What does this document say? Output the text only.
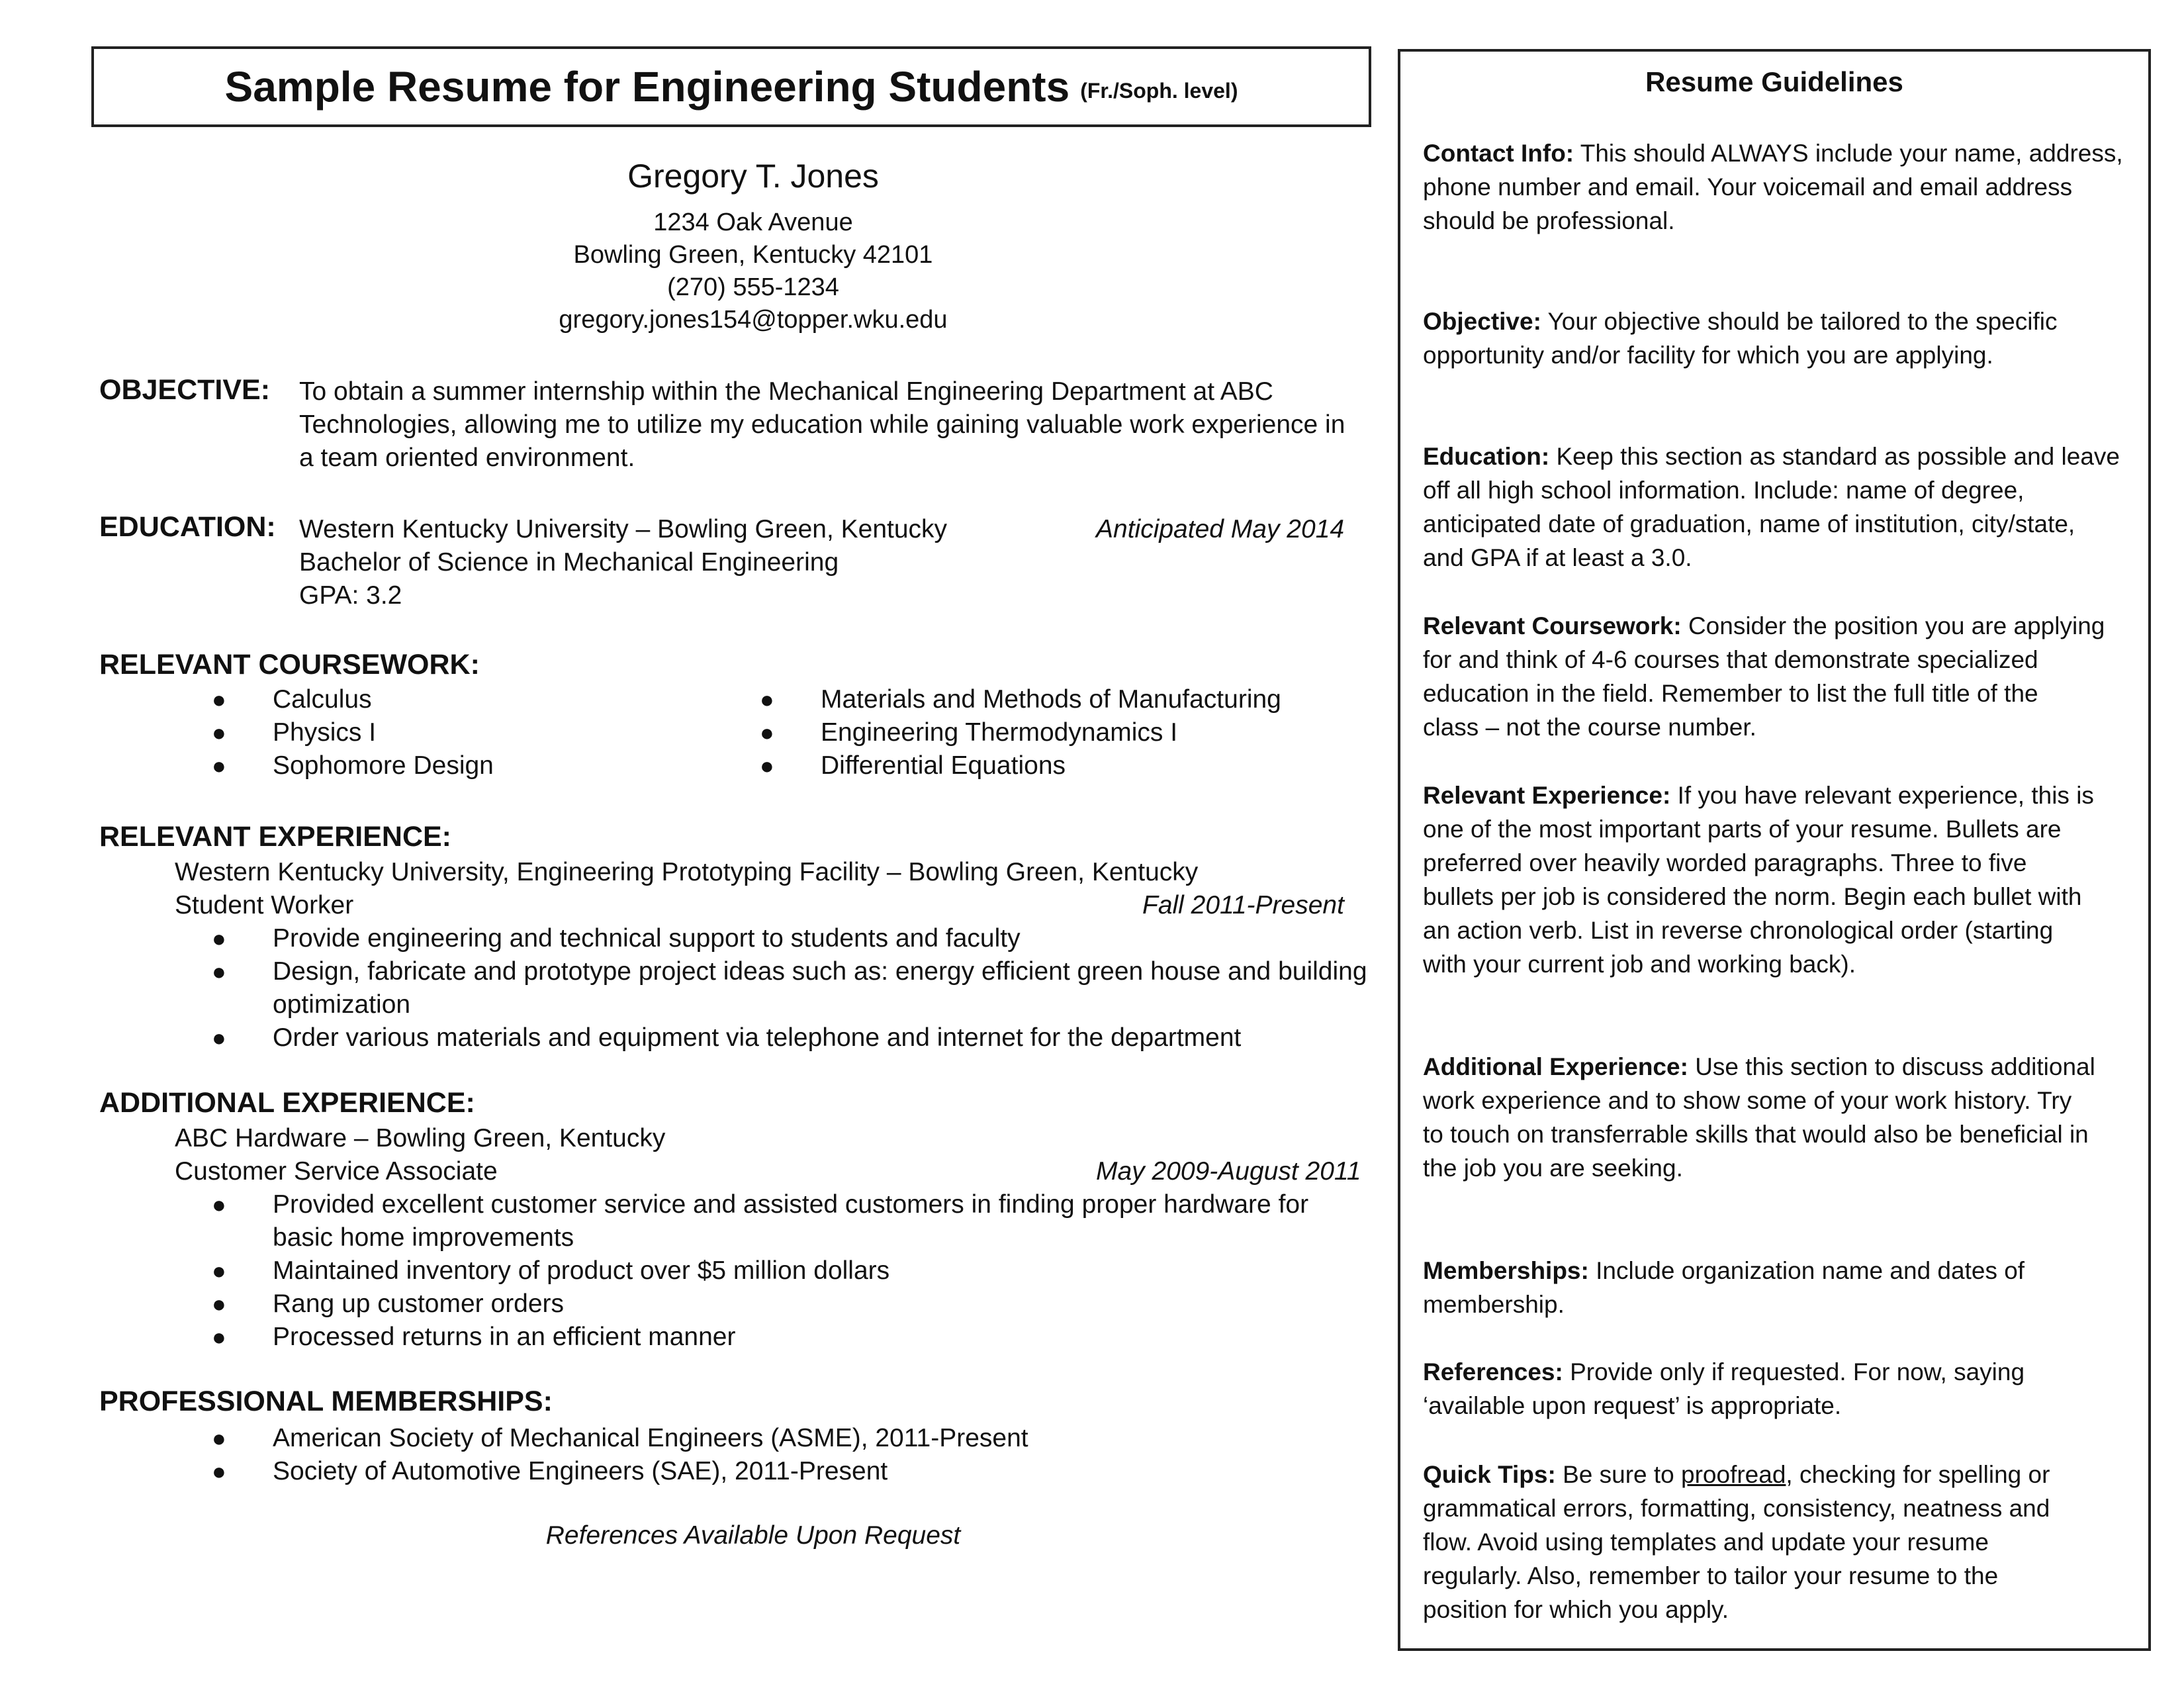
Sample Resume for Engineering Students (Fr./Soph. level)
Gregory T. Jones
1234 Oak Avenue
Bowling Green, Kentucky 42101
(270) 555-1234
gregory.jones154@topper.wku.edu
OBJECTIVE: To obtain a summer internship within the Mechanical Engineering Department at ABC
Technologies, allowing me to utilize my education while gaining valuable work experience in
a team oriented environment.
EDUCATION: Western Kentucky University – Bowling Green, Kentucky	Anticipated May 2014
Bachelor of Science in Mechanical Engineering
GPA: 3.2
RELEVANT COURSEWORK:
● Calculus
● Physics I
● Sophomore Design
● Materials and Methods of Manufacturing
● Engineering Thermodynamics I
● Differential Equations
RELEVANT EXPERIENCE:
Western Kentucky University, Engineering Prototyping Facility – Bowling Green, Kentucky
Student Worker	Fall 2011-Present
● Provide engineering and technical support to students and faculty
● Design, fabricate and prototype project ideas such as: energy efficient green house and building
optimization
● Order various materials and equipment via telephone and internet for the department
ADDITIONAL EXPERIENCE:
ABC Hardware – Bowling Green, Kentucky
Customer Service Associate	May 2009-August 2011
● Provided excellent customer service and assisted customers in finding proper hardware for
basic home improvements
● Maintained inventory of product over $5 million dollars
● Rang up customer orders
● Processed returns in an efficient manner
PROFESSIONAL MEMBERSHIPS:
● American Society of Mechanical Engineers (ASME), 2011-Present
● Society of Automotive Engineers (SAE), 2011-Present
References Available Upon Request
Resume Guidelines
Contact Info: This should ALWAYS include your name, address,
phone number and email. Your voicemail and email address
should be professional.
Objective: Your objective should be tailored to the specific
opportunity and/or facility for which you are applying.
Education: Keep this section as standard as possible and leave
off all high school information. Include: name of degree,
anticipated date of graduation, name of institution, city/state,
and GPA if at least a 3.0.
Relevant Coursework: Consider the position you are applying
for and think of 4-6 courses that demonstrate specialized
education in the field. Remember to list the full title of the
class – not the course number.
Relevant Experience: If you have relevant experience, this is
one of the most important parts of your resume. Bullets are
preferred over heavily worded paragraphs. Three to five
bullets per job is considered the norm. Begin each bullet with
an action verb. List in reverse chronological order (starting
with your current job and working back).
Additional Experience: Use this section to discuss additional
work experience and to show some of your work history. Try
to touch on transferrable skills that would also be beneficial in
the job you are seeking.
Memberships: Include organization name and dates of
membership.
References: Provide only if requested. For now, saying
‘available upon request’ is appropriate.
Quick Tips: Be sure to proofread, checking for spelling or
grammatical errors, formatting, consistency, neatness and
flow. Avoid using templates and update your resume
regularly. Also, remember to tailor your resume to the
position for which you apply.
